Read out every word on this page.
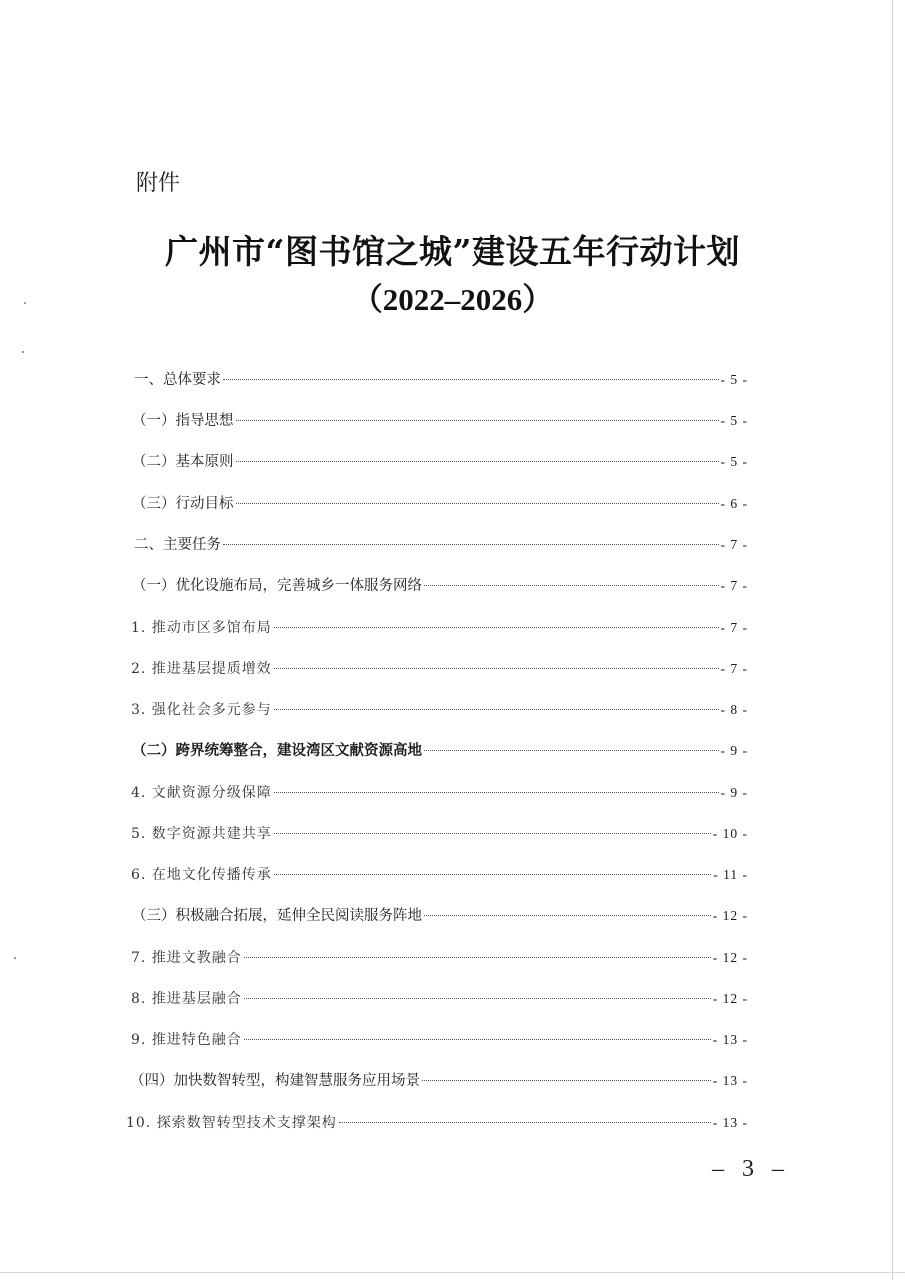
附件
广州市“图书馆之城”建设五年行动计划
（2022–2026）
一、总体要求	- 5 -
（一）指导思想	- 5 -
（二）基本原则	- 5 -
（三）行动目标	- 6 -
二、主要任务	- 7 -
（一）优化设施布局，完善城乡一体服务网络	- 7 -
1. 推动市区多馆布局	- 7 -
2. 推进基层提质增效	- 7 -
3. 强化社会多元参与	- 8 -
（二）跨界统筹整合，建设湾区文献资源高地	- 9 -
4. 文献资源分级保障	- 9 -
5. 数字资源共建共享	- 10 -
6. 在地文化传播传承	- 11 -
（三）积极融合拓展，延伸全民阅读服务阵地	- 12 -
7. 推进文教融合	- 12 -
8. 推进基层融合	- 12 -
9. 推进特色融合	- 13 -
（四）加快数智转型，构建智慧服务应用场景	- 13 -
10. 探索数智转型技术支撑架构	- 13 -
– 3 –
